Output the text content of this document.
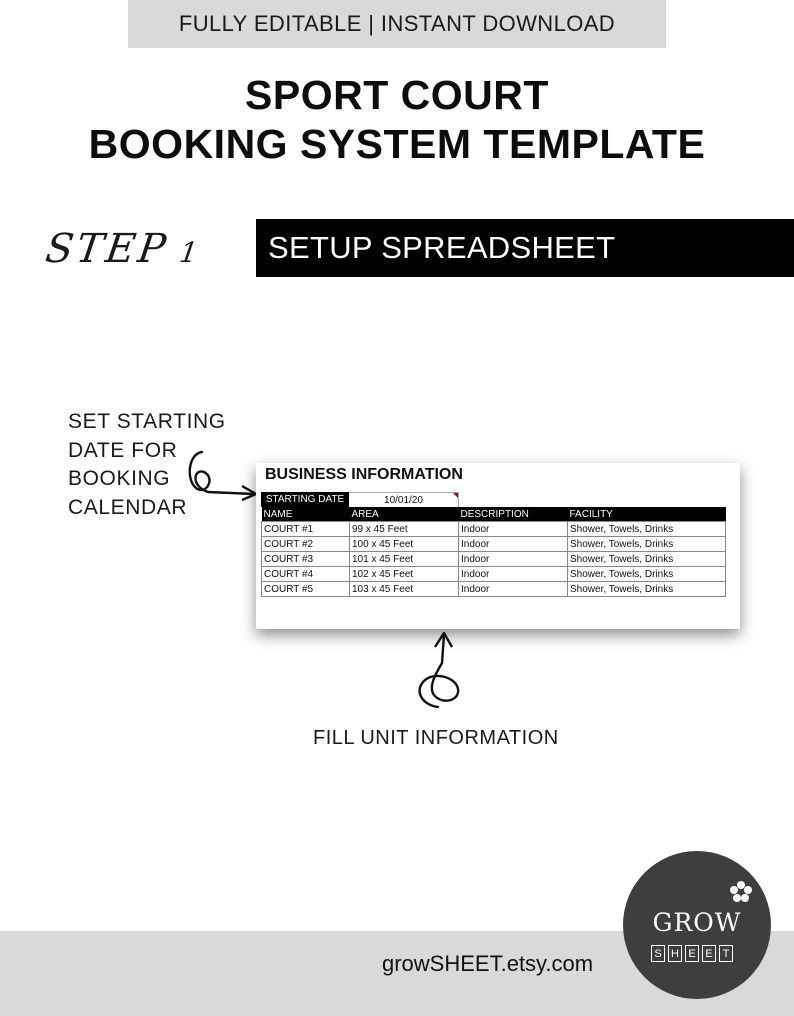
FULLY EDITABLE | INSTANT DOWNLOAD
SPORT COURT
BOOKING SYSTEM TEMPLATE
STEP 1 SETUP SPREADSHEET
SET STARTING
DATE FOR
BOOKING
CALENDAR
BUSINESS INFORMATION
STARTING DATE	10/01/20
NAME	AREA	DESCRIPTION	FACILITY
COURT #1	99 x 45 Feet	Indoor	Shower, Towels, Drinks
COURT #2	100 x 45 Feet	Indoor	Shower, Towels, Drinks
COURT #3	101 x 45 Feet	Indoor	Shower, Towels, Drinks
COURT #4	102 x 45 Feet	Indoor	Shower, Towels, Drinks
COURT #5	103 x 45 Feet	Indoor	Shower, Towels, Drinks
FILL UNIT INFORMATION
growSHEET.etsy.com
GROW
S H E E T
